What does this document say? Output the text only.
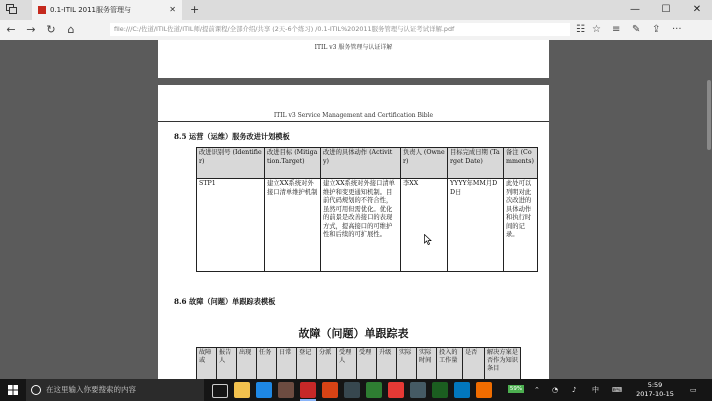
0.1-ITIL 2011服务管理与	✕ +	—	☐	✕
← → ↻	⌂	file:///C:/佐道/ITIL佐道/ITIL师/提前课程/全部介绍/共享 (2天-6个练习) /0.1-ITIL%202011服务管理与认证考试详解.pdf	☷ ☆ ≡ ✎ ⇪ ···
ITIL v3 服务管理与认证详解
ITIL v3 Service Management and Certification Bible
8.5 运营（运维）服务改进计划模板
改进识别号 (Identifier)	改进目标 (Mitigation.Target)	改进的具体动作 (Activity)	负责人 (Owner)	目标完成日期 (Target Date)	备注 (Comments)
STP1	建立XX系统对外接口清单维护机制	建立XX系统对外接口清单维护和变更通知机制。目前代码规划的不符合性，虽然可用但需优化。优化的前景是改善接口的表现方式，提高接口的可维护性和后续的可扩展性。	李XX	YYYY年MM月DD日	此处可以列明对此次改进的具体动作和执行时间的记录。
8.6 故障（问题）单跟踪表模板
故障（问题）单跟踪表
故障或	报告人	出现	任务	日常	登记	分派	受理人	受理	升级	实际	实际时间	投入的工作量	是否	解决方案是否作为知识条目
在这里输入你要搜索的内容	59% ⌃ ◔ ♪ 中 ⌨
5:59
2017-10-15	▭
